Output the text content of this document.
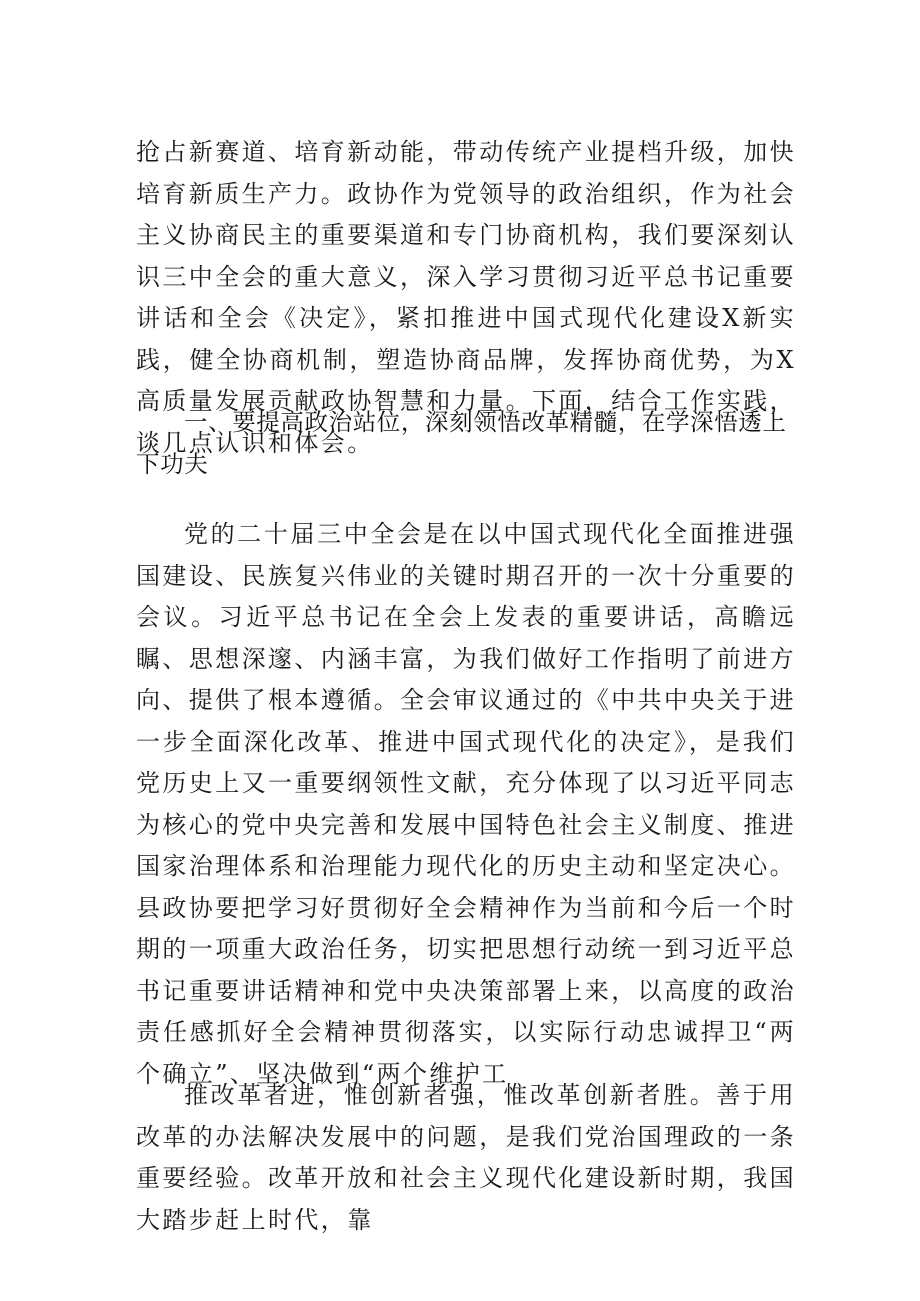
抢占新赛道、培育新动能，带动传统产业提档升级，加快培育新质生产力。政协作为党领导的政治组织，作为社会主义协商民主的重要渠道和专门协商机构，我们要深刻认识三中全会的重大意义，深入学习贯彻习近平总书记重要讲话和全会《决定》，紧扣推进中国式现代化建设X新实践，健全协商机制，塑造协商品牌，发挥协商优势，为X高质量发展贡献政协智慧和力量。下面，结合工作实践，谈几点认识和体会。

一、要提高政治站位，深刻领悟改革精髓，在学深悟透上下功夫

党的二十届三中全会是在以中国式现代化全面推进强国建设、民族复兴伟业的关键时期召开的一次十分重要的会议。习近平总书记在全会上发表的重要讲话，高瞻远瞩、思想深邃、内涵丰富，为我们做好工作指明了前进方向、提供了根本遵循。全会审议通过的《中共中央关于进一步全面深化改革、推进中国式现代化的决定》，是我们党历史上又一重要纲领性文献，充分体现了以习近平同志为核心的党中央完善和发展中国特色社会主义制度、推进国家治理体系和治理能力现代化的历史主动和坚定决心。县政协要把学习好贯彻好全会精神作为当前和今后一个时期的一项重大政治任务，切实把思想行动统一到习近平总书记重要讲话精神和党中央决策部署上来，以高度的政治责任感抓好全会精神贯彻落实，以实际行动忠诚捍卫“两个确立”、坚决做到“两个维护工

推改革者进，惟创新者强，惟改革创新者胜。善于用改革的办法解决发展中的问题，是我们党治国理政的一条重要经验。改革开放和社会主义现代化建设新时期，我国大踏步赶上时代，靠
